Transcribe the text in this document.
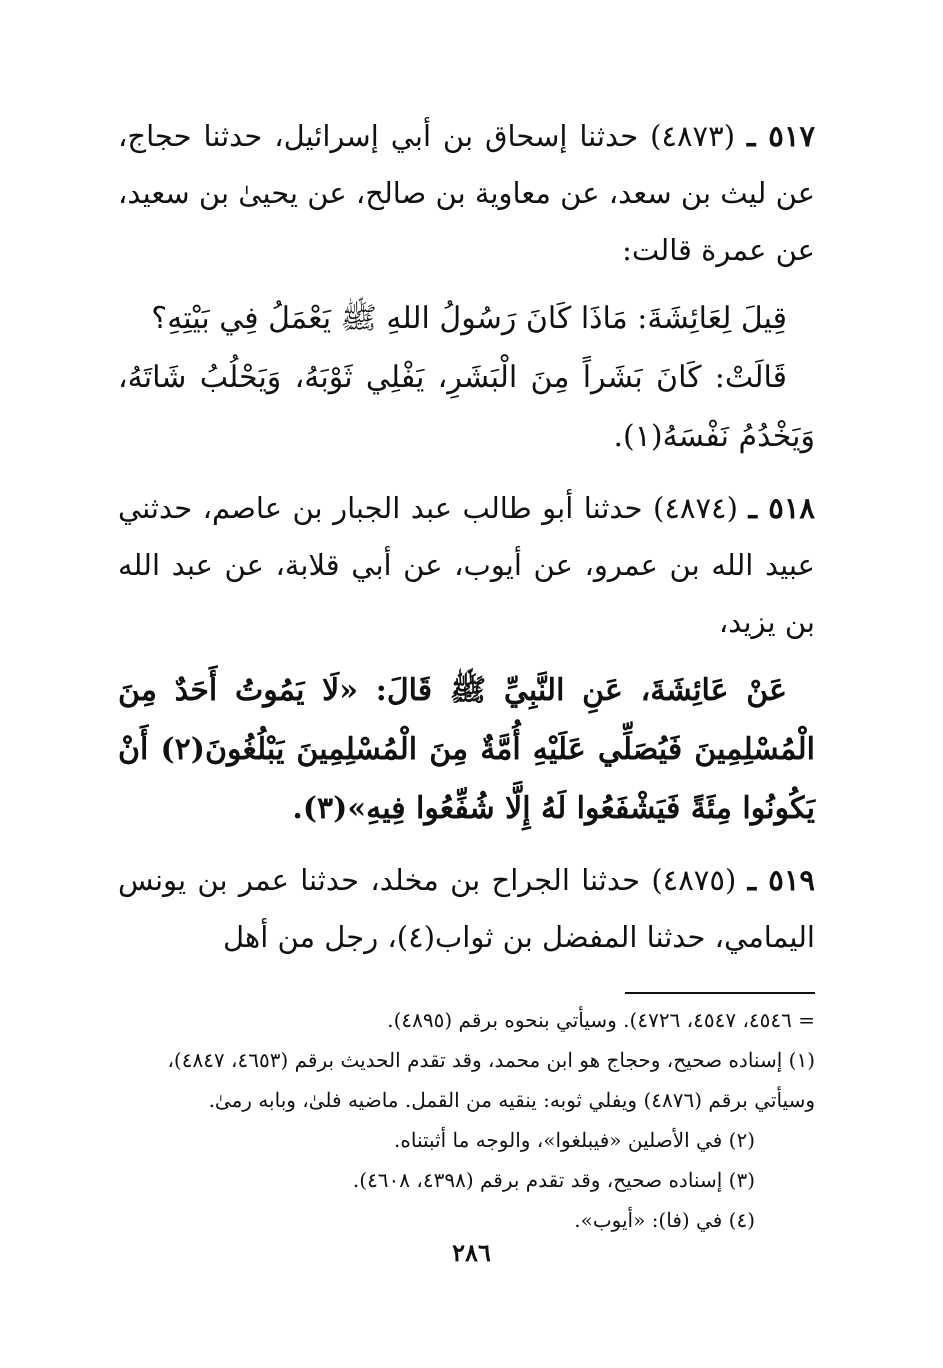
٥١٧ ـ (٤٨٧٣) حدثنا إسحاق بن أبي إسرائيل، حدثنا حجاج، عن ليث بن سعد، عن معاوية بن صالح، عن يحيىٰ بن سعيد، عن عمرة قالت:

قِيلَ لِعَائِشَةَ: مَاذَا كَانَ رَسُولُ اللهِ ﷺ يَعْمَلُ فِي بَيْتِهِ؟

قَالَتْ: كَانَ بَشَراً مِنَ الْبَشَرِ، يَفْلِي ثَوْبَهُ، وَيَحْلُبُ شَاتَهُ، وَيَخْدُمُ نَفْسَهُ(١).

٥١٨ ـ (٤٨٧٤) حدثنا أبو طالب عبد الجبار بن عاصم، حدثني عبيد الله بن عمرو، عن أيوب، عن أبي قلابة، عن عبد الله بن يزيد،

عَنْ عَائِشَةَ، عَنِ النَّبِيِّ ﷺ قَالَ: «لَا يَمُوتُ أَحَدٌ مِنَ الْمُسْلِمِينَ فَيُصَلِّي عَلَيْهِ أُمَّةٌ مِنَ الْمُسْلِمِينَ يَبْلُغُونَ(٢) أَنْ يَكُونُوا مِئَةً فَيَشْفَعُوا لَهُ إِلَّا شُفِّعُوا فِيهِ»(٣).

٥١٩ ـ (٤٨٧٥) حدثنا الجراح بن مخلد، حدثنا عمر بن يونس اليمامي، حدثنا المفضل بن ثواب(٤)، رجل من أهل

= ٤٥٤٦، ٤٥٤٧، ٤٧٢٦). وسيأتي بنحوه برقم (٤٨٩٥).

(١) إسناده صحيح، وحجاج هو ابن محمد، وقد تقدم الحديث برقم (٤٦٥٣، ٤٨٤٧)، وسيأتي برقم (٤٨٧٦) ويفلي ثوبه: ينقيه من القمل. ماضيه فلىٰ، وبابه رمىٰ.

(٢) في الأصلين «فيبلغوا»، والوجه ما أثبتناه.

(٣) إسناده صحيح، وقد تقدم برقم (٤٣٩٨، ٤٦٠٨).

(٤) في (فا): «أيوب».

٢٨٦
